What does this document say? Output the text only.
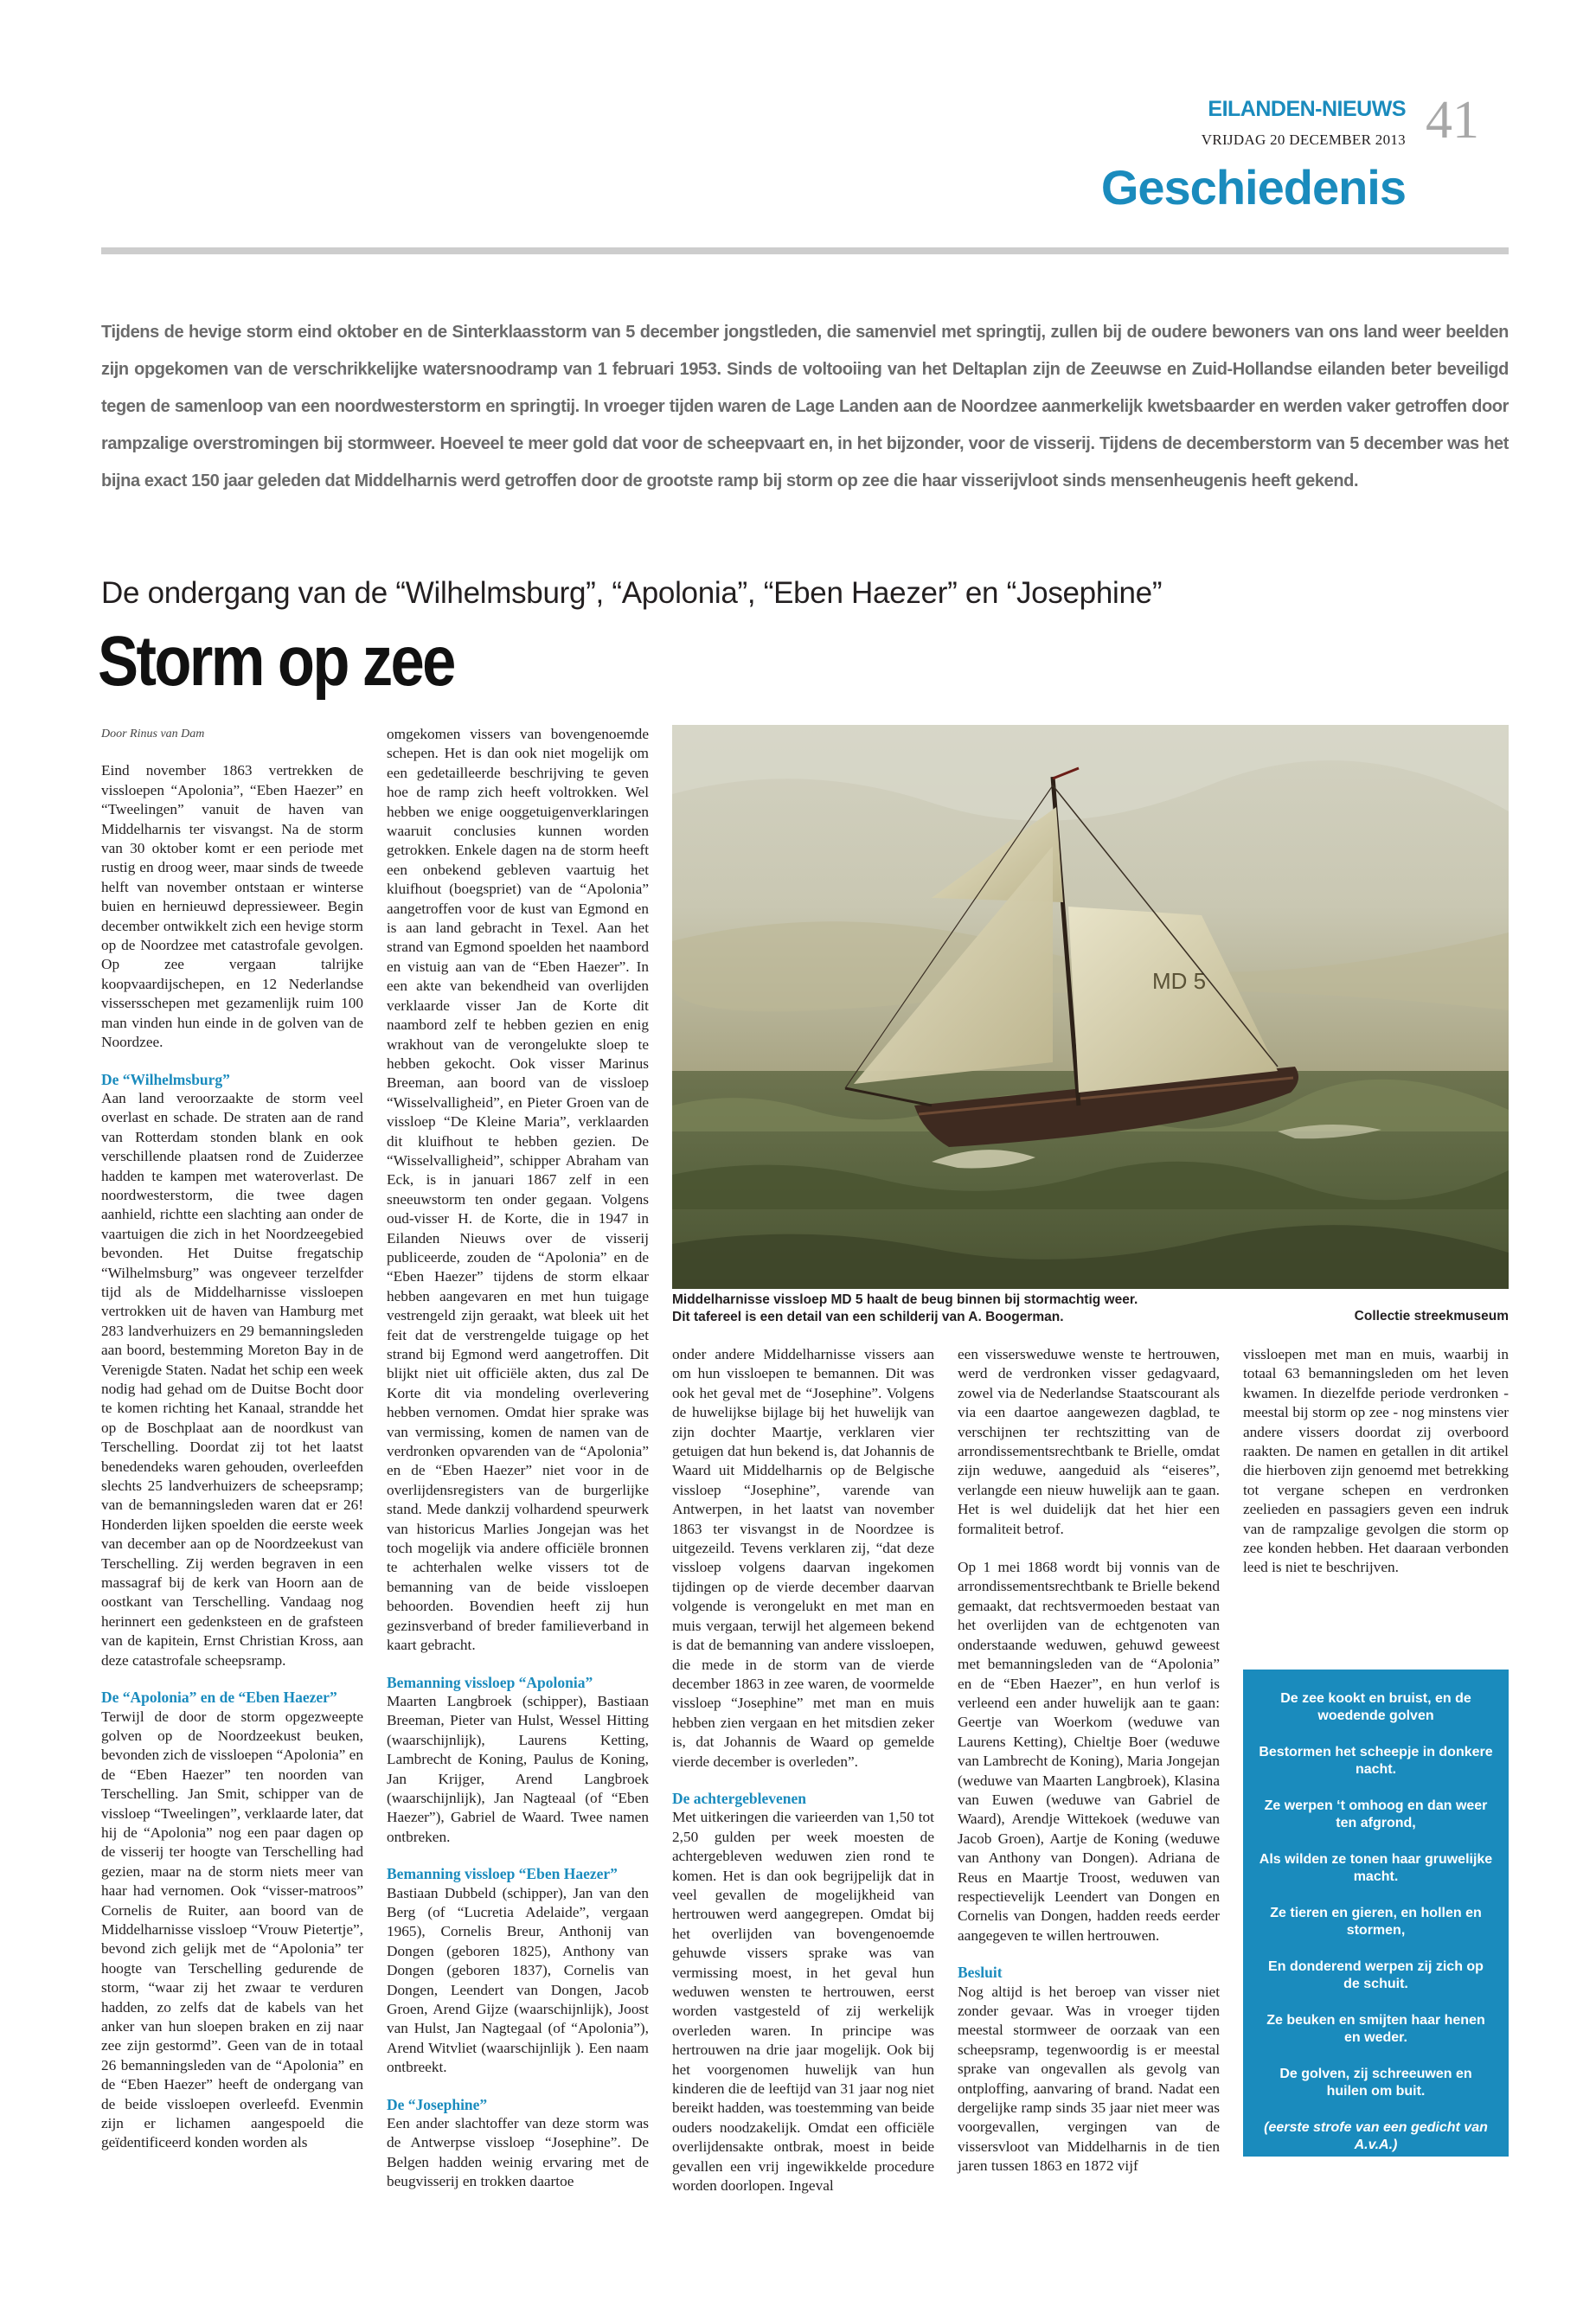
EILANDEN-NIEUWS
VRIJDAG 20 DECEMBER 2013 41
Geschiedenis
Tijdens de hevige storm eind oktober en de Sinterklaasstorm van 5 december jongstleden, die samenviel met springtij, zullen bij de oudere bewoners van ons land weer beelden zijn opgekomen van de verschrikkelijke watersnoodramp van 1 februari 1953. Sinds de voltooiing van het Deltaplan zijn de Zeeuwse en Zuid-Hollandse eilanden beter beveiligd tegen de samenloop van een noordwesterstorm en springtij. In vroeger tijden waren de Lage Landen aan de Noordzee aanmerkelijk kwetsbaarder en werden vaker getroffen door rampzalige overstromingen bij stormweer. Hoeveel te meer gold dat voor de scheepvaart en, in het bijzonder, voor de visserij. Tijdens de decemberstorm van 5 december was het bijna exact 150 jaar geleden dat Middelharnis werd getroffen door de grootste ramp bij storm op zee die haar visserijvloot sinds mensenheugenis heeft gekend.
De ondergang van de “Wilhelmsburg”, “Apolonia”, “Eben Haezer” en “Josephine”
Storm op zee
Door Rinus van Dam

Eind november 1863 vertrekken de vissloepen “Apolonia”, “Eben Haezer” en “Tweelingen” vanuit de haven van Middelharnis ter visvangst. Na de storm van 30 oktober komt er een periode met rustig en droog weer, maar sinds de tweede helft van november ontstaan er winterse buien en hernieuwd depressieweer. Begin december ontwikkelt zich een hevige storm op de Noordzee met catastrofale gevolgen. Op zee vergaan talrijke koopvaardijschepen, en 12 Nederlandse vissersschepen met gezamenlijk ruim 100 man vinden hun einde in de golven van de Noordzee.

De “Wilhelmsburg”

Aan land veroorzaakte de storm veel overlast en schade. De straten aan de rand van Rotterdam stonden blank en ook verschillende plaatsen rond de Zuiderzee hadden te kampen met wateroverlast. De noordwesterstorm, die twee dagen aanhield, richtte een slachting aan onder de vaartuigen die zich in het Noordzeegebied bevonden. Het Duitse fregatschip “Wilhelmsburg” was ongeveer terzelfder tijd als de Middelharnisse vissloepen vertrokken uit de haven van Hamburg met 283 landverhuizers en 29 bemanningsleden aan boord, bestemming Moreton Bay in de Verenigde Staten. Nadat het schip een week nodig had gehad om de Duitse Bocht door te komen richting het Kanaal, strandde het op de Boschplaat aan de noordkust van Terschelling. Doordat zij tot het laatst benedendeks waren gehouden, overleefden slechts 25 landverhuizers de scheepsramp; van de bemanningsleden waren dat er 26! Honderden lijken spoelden die eerste week van december aan op de Noordzeekust van Terschelling. Zij werden begraven in een massagraf bij de kerk van Hoorn aan de oostkant van Terschelling. Vandaag nog herinnert een gedenksteen en de grafsteen van de kapitein, Ernst Christian Kross, aan deze catastrofale scheepsramp.

De “Apolonia” en de “Eben Haezer”

Terwijl de door de storm opgezweepte golven op de Noordzeekust beuken, bevonden zich de vissloepen “Apolonia” en de “Eben Haezer” ten noorden van Terschelling. Jan Smit, schipper van de vissloep “Tweelingen”, verklaarde later, dat hij de “Apolonia” nog een paar dagen op de visserij ter hoogte van Terschelling had gezien, maar na de storm niets meer van haar had vernomen. Ook “visser-matroos” Cornelis de Ruiter, aan boord van de Middelharnisse vissloep “Vrouw Pietertje”, bevond zich gelijk met de “Apolonia” ter hoogte van Terschelling gedurende de storm, “waar zij het zwaar te verduren hadden, zo zelfs dat de kabels van het anker van hun sloepen braken en zij naar zee zijn gestormd”. Geen van de in totaal 26 bemanningsleden van de “Apolonia” en de “Eben Haezer” heeft de ondergang van de beide vissloepen overleefd. Evenmin zijn er lichamen aangespoeld die geïdentificeerd konden worden als

omgekomen vissers van bovengenoemde schepen. Het is dan ook niet mogelijk om een gedetailleerde beschrijving te geven hoe de ramp zich heeft voltrokken. Wel hebben we enige ooggetuigenverklaringen waaruit conclusies kunnen worden getrokken. Enkele dagen na de storm heeft een onbekend gebleven vaartuig het kluifhout (boegspriet) van de “Apolonia” aangetroffen voor de kust van Egmond en is aan land gebracht in Texel. Aan het strand van Egmond spoelden het naambord en vistuig aan van de “Eben Haezer”. In een akte van bekendheid van overlijden verklaarde visser Jan de Korte dit naambord zelf te hebben gezien en enig wrakhout van de verongelukte sloep te hebben gekocht. Ook visser Marinus Breeman, aan boord van de vissloep “Wisselvalligheid”, en Pieter Groen van de vissloep “De Kleine Maria”, verklaarden dit kluifhout te hebben gezien. De “Wisselvalligheid”, schipper Abraham van Eck, is in januari 1867 zelf in een sneeuwstorm ten onder gegaan. Volgens oud-visser H. de Korte, die in 1947 in Eilanden Nieuws over de visserij publiceerde, zouden de “Apolonia” en de “Eben Haezer” tijdens de storm elkaar hebben aangevaren en met hun tuigage vestrengeld zijn geraakt, wat bleek uit het feit dat de verstrengelde tuigage op het strand bij Egmond werd aangetroffen. Dit blijkt niet uit officiële akten, dus zal De Korte dit via mondeling overlevering hebben vernomen. Omdat hier sprake was van vermissing, komen de namen van de verdronken opvarenden van de “Apolonia” en de “Eben Haezer” niet voor in de overlijdensregisters van de burgerlijke stand. Mede dankzij volhardend speurwerk van historicus Marlies Jongejan was het toch mogelijk via andere officiële bronnen te achterhalen welke vissers tot de bemanning van de beide vissloepen behoorden. Bovendien heeft zij hun gezinsverband of breder familieverband in kaart gebracht.

Bemanning vissloep “Apolonia”

Maarten Langbroek (schipper), Bastiaan Breeman, Pieter van Hulst, Wessel Hitting (waarschijnlijk), Laurens Ketting, Lambrecht de Koning, Paulus de Koning, Jan Krijger, Arend Langbroek (waarschijnlijk), Jan Nagteaal (of “Eben Haezer”), Gabriel de Waard. Twee namen ontbreken.

Bemanning vissloep “Eben Haezer”

Bastiaan Dubbeld (schipper), Jan van den Berg (of “Lucretia Adelaide”, vergaan 1965), Cornelis Breur, Anthonij van Dongen (geboren 1825), Anthony van Dongen (geboren 1837), Cornelis van Dongen, Leendert van Dongen, Jacob Groen, Arend Gijze (waarschijnlijk), Joost van Hulst, Jan Nagtegaal (of “Apolonia”), Arend Witvliet (waarschijnlijk ). Een naam ontbreekt.

De “Josephine”

Een ander slachtoffer van deze storm was de Antwerpse vissloep “Josephine”. De Belgen hadden weinig ervaring met de beugvisserij en trokken daartoe

MD 5
Middelharnisse vissloep MD 5 haalt de beug binnen bij stormachtig weer.
Dit tafereel is een detail van een schilderij van A. Boogerman.	Collectie streekmuseum

onder andere Middelharnisse vissers aan om hun vissloepen te bemannen. Dit was ook het geval met de “Josephine”. Volgens de huwelijkse bijlage bij het huwelijk van zijn dochter Maartje, verklaren vier getuigen dat hun bekend is, dat Johannis de Waard uit Middelharnis op de Belgische vissloep “Josephine”, varende van Antwerpen, in het laatst van november 1863 ter visvangst in de Noordzee is uitgezeild. Tevens verklaren zij, “dat deze vissloep volgens daarvan ingekomen tijdingen op de vierde december daarvan volgende is verongelukt en met man en muis vergaan, terwijl het algemeen bekend is dat de bemanning van andere vissloepen, die mede in de storm van de vierde december 1863 in zee waren, de voormelde vissloep “Josephine” met man en muis hebben zien vergaan en het mitsdien zeker is, dat Johannis de Waard op gemelde vierde december is overleden”.

De achtergeblevenen

Met uitkeringen die varieerden van 1,50 tot 2,50 gulden per week moesten de achtergebleven weduwen zien rond te komen. Het is dan ook begrijpelijk dat in veel gevallen de mogelijkheid van hertrouwen werd aangegrepen. Omdat bij het overlijden van bovengenoemde gehuwde vissers sprake was van vermissing moest, in het geval hun weduwen wensten te hertrouwen, eerst worden vastgesteld of zij werkelijk overleden waren. In principe was hertrouwen na drie jaar mogelijk. Ook bij het voorgenomen huwelijk van hun kinderen die de leeftijd van 31 jaar nog niet bereikt hadden, was toestemming van beide ouders noodzakelijk. Omdat een officiële overlijdensakte ontbrak, moest in beide gevallen een vrij ingewikkelde procedure worden doorlopen. Ingeval

een vissersweduwe wenste te hertrouwen, werd de verdronken visser gedagvaard, zowel via de Nederlandse Staatscourant als via een daartoe aangewezen dagblad, te verschijnen ter rechtszitting van de arrondissementsrechtbank te Brielle, omdat zijn weduwe, aangeduid als “eiseres”, verlangde een nieuw huwelijk aan te gaan. Het is wel duidelijk dat het hier een formaliteit betrof.

Op 1 mei 1868 wordt bij vonnis van de arrondissementsrechtbank te Brielle bekend gemaakt, dat rechtsvermoeden bestaat van het overlijden van de echtgenoten van onderstaande weduwen, gehuwd geweest met bemanningsleden van de “Apolonia” en de “Eben Haezer”, en hun verlof is verleend een ander huwelijk aan te gaan: Geertje van Woerkom (weduwe van Laurens Ketting), Chieltje Boer (weduwe van Lambrecht de Koning), Maria Jongejan (weduwe van Maarten Langbroek), Klasina van Euwen (weduwe van Gabriel de Waard), Arendje Wittekoek (weduwe van Jacob Groen), Aartje de Koning (weduwe van Anthony van Dongen). Adriana de Reus en Maartje Troost, weduwen van respectievelijk Leendert van Dongen en Cornelis van Dongen, hadden reeds eerder aangegeven te willen hertrouwen.

Besluit

Nog altijd is het beroep van visser niet zonder gevaar. Was in vroeger tijden meestal stormweer de oorzaak van een scheepsramp, tegenwoordig is er meestal sprake van ongevallen als gevolg van ontploffing, aanvaring of brand. Nadat een dergelijke ramp sinds 35 jaar niet meer was voorgevallen, vergingen van de vissersvloot van Middelharnis in de tien jaren tussen 1863 en 1872 vijf

vissloepen met man en muis, waarbij in totaal 63 bemanningsleden om het leven kwamen. In diezelfde periode verdronken - meestal bij storm op zee - nog minstens vier andere vissers doordat zij overboord raakten. De namen en getallen in dit artikel die hierboven zijn genoemd met betrekking tot vergane schepen en verdronken zeelieden en passagiers geven een indruk van de rampzalige gevolgen die storm op zee konden hebben. Het daaraan verbonden leed is niet te beschrijven.

De zee kookt en bruist, en de woedende golven

Bestormen het scheepje in donkere nacht.

Ze werpen ‘t omhoog en dan weer ten afgrond,

Als wilden ze tonen haar gruwelijke macht.

Ze tieren en gieren, en hollen en stormen,

En donderend werpen zij zich op de schuit.

Ze beuken en smijten haar henen en weder.

De golven, zij schreeuwen en huilen om buit.

(eerste strofe van een gedicht van A.v.A.)
